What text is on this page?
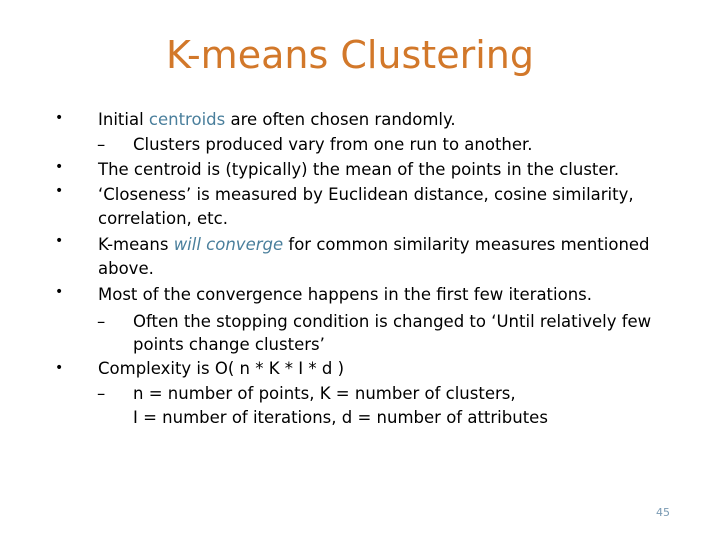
K-means Clustering
• Initial centroids are often chosen randomly.
– Clusters produced vary from one run to another.
• The centroid is (typically) the mean of the points in the cluster.
• ‘Closeness’ is measured by Euclidean distance, cosine similarity,
correlation, etc.
• K-means will converge for common similarity measures mentioned
above.
• Most of the convergence happens in the first few iterations.
– Often the stopping condition is changed to ‘Until relatively few
points change clusters’
• Complexity is O( n * K * I * d )
– n = number of points, K = number of clusters,
I = number of iterations, d = number of attributes
45
